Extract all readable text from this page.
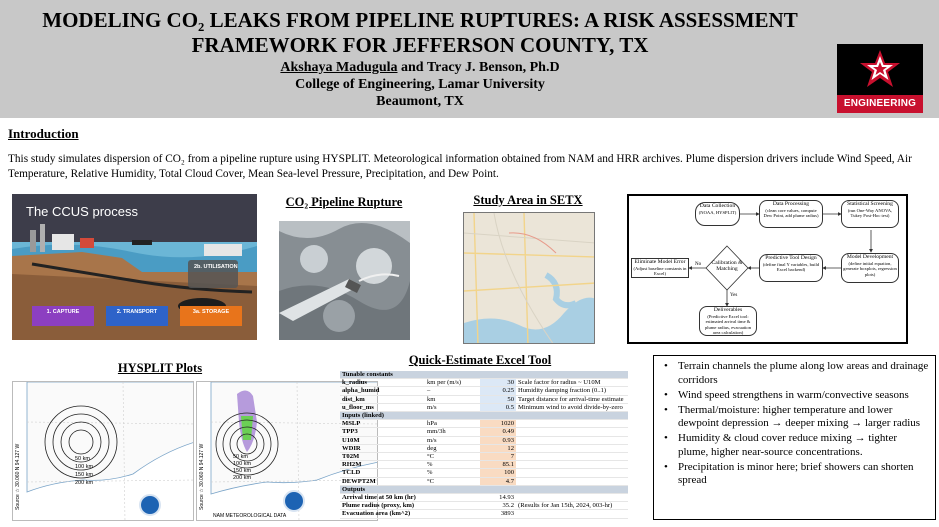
MODELING CO₂ LEAKS FROM PIPELINE RUPTURES: A RISK ASSESSMENT
FRAMEWORK FOR JEFFERSON COUNTY, TX
Akshaya Madugula and Tracy J. Benson, Ph.D
College of Engineering, Lamar University
Beaumont, TX	ENGINEERING
Introduction
This study simulates dispersion of CO₂ from a pipeline rupture using HYSPLIT. Meteorological information obtained from NAM and HRR archives. Plume dispersion drivers include Wind Speed, Air Temperature, Relative Humidity, Total Cloud Cover, Mean Sea-level Pressure, Precipitation, and Dew Point.
The CCUS process
2b. UTILISATION
1. CAPTURE	2. TRANSPORT	3a. STORAGE
CO₂ Pipeline Rupture	Study Area in SETX	Data Collection
(NOAA, HYSPLIT)
Data Processing
(clean core values, compute Dew Point, add plume radius)
Statistical Screening
(run One-Way ANOVA, Tukey Post-Hoc test)
Model Development
(define initial equation, generate boxplots, regression plots)
Predictive Tool Design
(define final Y variables, build Excel backend)
Calibration & Matching
Eliminate Model Error
(Adjust baseline constants in Excel)
Deliverables
(Predictive Excel tool: estimated arrival time & plume radius, evacuation area calculation)
No
Yes
HYSPLIT Plots
50 km
100 km
150 km
200 km
Source ☆ 30.060 N 94.127 W	50 km
100 km
150 km
200 km
Source ☆ 30.060 N 94.127 W
NAM METEOROLOGICAL DATA
Quick-Estimate Excel Tool
Tunable constants			
k_radius	km per (m/s)	30	Scale factor for radius ~ U10M
alpha_humid	–	0.25	Humidity damping fraction (0..1)
dist_km	km	50	Target distance for arrival-time estimate
u_floor_ms	m/s	0.5	Minimum wind to avoid divide-by-zero
Inputs (linked)			
MSLP	hPa	1020	
TPP3	mm/3h	0.49	
U10M	m/s	0.93	
WDIR	deg	12	
T02M	°C	7	
RH2M	%	85.1	
TCLD	%	100	
DEWPT2M	°C	4.7	
Outputs			
Arrival time at 50 km (hr)		14.93	
Plume radius (proxy, km)		35.2	(Results for Jan 15th, 2024, 003-hr)
Evacuation area (km^2)		3893	
• Terrain channels the plume along low areas and drainage corridors
• Wind speed strengthens in warm/convective seasons
• Thermal/moisture: higher temperature and lower dewpoint depression → deeper mixing → larger radius
• Humidity & cloud cover reduce mixing → tighter plume, higher near-source concentrations.
• Precipitation is minor here; brief showers can shorten spread
